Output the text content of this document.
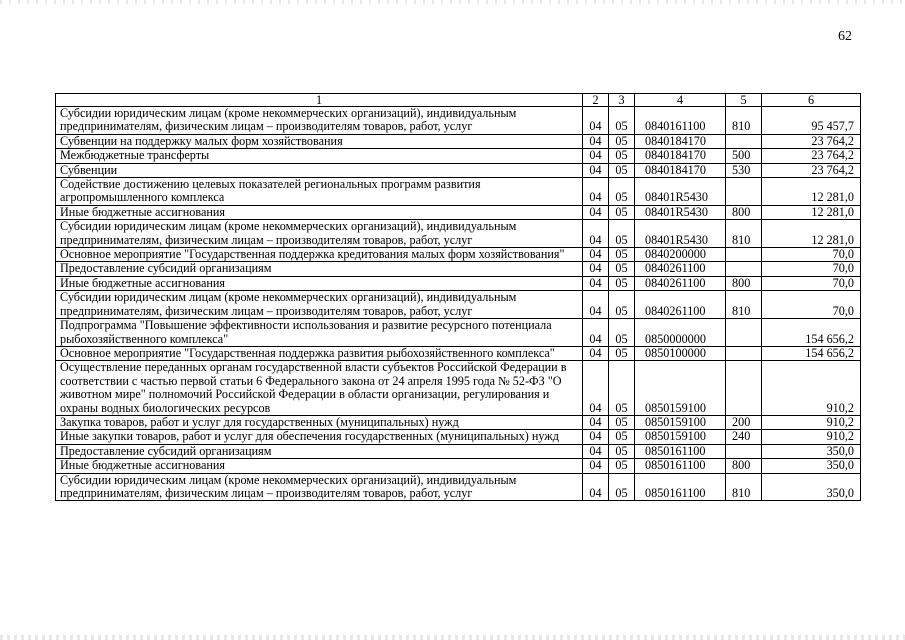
62
1	2	3	4	5	6
Субсидии юридическим лицам (кроме некоммерческих организаций), индивидуальным предпринимателям, физическим лицам – производителям товаров, работ, услуг	04	05	0840161100	810	95 457,7
Субвенции на поддержку малых форм хозяйствования	04	05	0840184170		23 764,2
Межбюджетные трансферты	04	05	0840184170	500	23 764,2
Субвенции	04	05	0840184170	530	23 764,2
Содействие достижению целевых показателей региональных программ развития агропромышленного комплекса	04	05	08401R5430		12 281,0
Иные бюджетные ассигнования	04	05	08401R5430	800	12 281,0
Субсидии юридическим лицам (кроме некоммерческих организаций), индивидуальным предпринимателям, физическим лицам – производителям товаров, работ, услуг	04	05	08401R5430	810	12 281,0
Основное мероприятие "Государственная поддержка кредитования малых форм хозяйствования"	04	05	0840200000		70,0
Предоставление субсидий организациям	04	05	0840261100		70,0
Иные бюджетные ассигнования	04	05	0840261100	800	70,0
Субсидии юридическим лицам (кроме некоммерческих организаций), индивидуальным предпринимателям, физическим лицам – производителям товаров, работ, услуг	04	05	0840261100	810	70,0
Подпрограмма "Повышение эффективности использования и развитие ресурсного потенциала рыбохозяйственного комплекса"	04	05	0850000000		154 656,2
Основное мероприятие "Государственная поддержка развития рыбохозяйственного комплекса"	04	05	0850100000		154 656,2
Осуществление переданных органам государственной власти субъектов Российской Федерации в соответствии с частью первой статьи 6 Федерального закона от 24 апреля 1995 года № 52-ФЗ "О животном мире" полномочий Российской Федерации в области организации, регулирования и охраны водных биологических ресурсов	04	05	0850159100		910,2
Закупка товаров, работ и услуг для государственных (муниципальных) нужд	04	05	0850159100	200	910,2
Иные закупки товаров, работ и услуг для обеспечения государственных (муниципальных) нужд	04	05	0850159100	240	910,2
Предоставление субсидий организациям	04	05	0850161100		350,0
Иные бюджетные ассигнования	04	05	0850161100	800	350,0
Субсидии юридическим лицам (кроме некоммерческих организаций), индивидуальным предпринимателям, физическим лицам – производителям товаров, работ, услуг	04	05	0850161100	810	350,0
